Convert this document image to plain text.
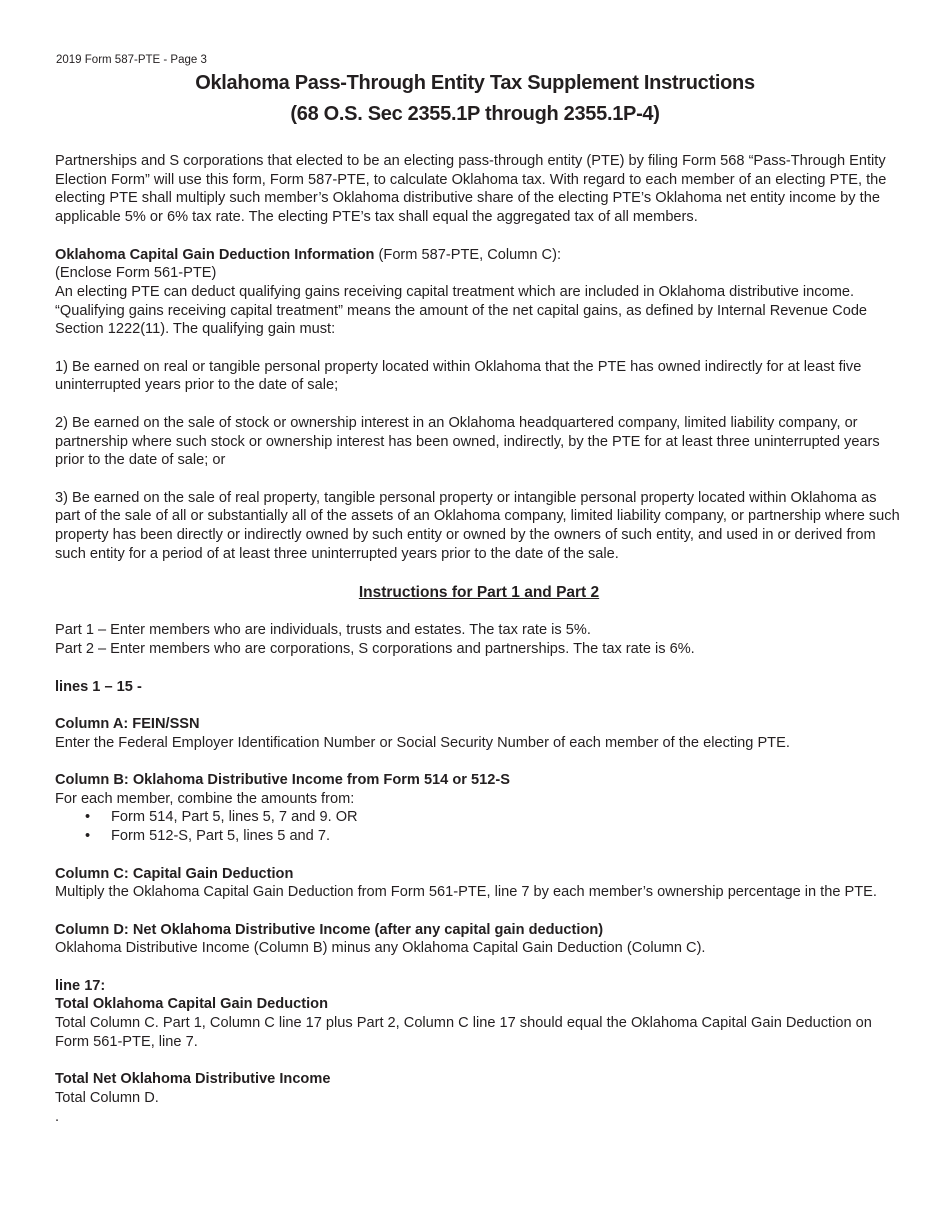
2019 Form 587-PTE - Page 3
Oklahoma Pass-Through Entity Tax Supplement Instructions
(68 O.S. Sec 2355.1P through 2355.1P-4)

Partnerships and S corporations that elected to be an electing pass-through entity (PTE) by filing Form 568 “Pass-Through Entity Election Form” will use this form, Form 587-PTE, to calculate Oklahoma tax. With regard to each member of an electing PTE, the electing PTE shall multiply such member’s Oklahoma distributive share of the electing PTE’s Oklahoma net entity income by the applicable 5% or 6% tax rate. The electing PTE’s tax shall equal the aggregated tax of all members.

Oklahoma Capital Gain Deduction Information (Form 587-PTE, Column C):

(Enclose Form 561-PTE)

An electing PTE can deduct qualifying gains receiving capital treatment which are included in Oklahoma distributive income. “Qualifying gains receiving capital treatment” means the amount of the net capital gains, as defined by Internal Revenue Code Section 1222(11). The qualifying gain must:

1) Be earned on real or tangible personal property located within Oklahoma that the PTE has owned indirectly for at least five uninterrupted years prior to the date of sale;

2) Be earned on the sale of stock or ownership interest in an Oklahoma headquartered company, limited liability company, or partnership where such stock or ownership interest has been owned, indirectly, by the PTE for at least three uninterrupted years prior to the date of sale; or

3) Be earned on the sale of real property, tangible personal property or intangible personal property located within Oklahoma as part of the sale of all or substantially all of the assets of an Oklahoma company, limited liability company, or partnership where such property has been directly or indirectly owned by such entity or owned by the owners of such entity, and used in or derived from such entity for a period of at least three uninterrupted years prior to the date of the sale.

Instructions for Part 1 and Part 2

Part 1 – Enter members who are individuals, trusts and estates. The tax rate is 5%.

Part 2 – Enter members who are corporations, S corporations and partnerships. The tax rate is 6%.

lines 1 – 15 -

Column A: FEIN/SSN

Enter the Federal Employer Identification Number or Social Security Number of each member of the electing PTE.

Column B: Oklahoma Distributive Income from Form 514 or 512-S

For each member, combine the amounts from:

• Form 514, Part 5, lines 5, 7 and 9. OR
• Form 512-S, Part 5, lines 5 and 7.

Column C: Capital Gain Deduction

Multiply the Oklahoma Capital Gain Deduction from Form 561-PTE, line 7 by each member’s ownership percentage in the PTE.

Column D: Net Oklahoma Distributive Income (after any capital gain deduction)

Oklahoma Distributive Income (Column B) minus any Oklahoma Capital Gain Deduction (Column C).

line 17:

Total Oklahoma Capital Gain Deduction

Total Column C. Part 1, Column C line 17 plus Part 2, Column C line 17 should equal the Oklahoma Capital Gain Deduction on Form 561-PTE, line 7.

Total Net Oklahoma Distributive Income

Total Column D.

.
